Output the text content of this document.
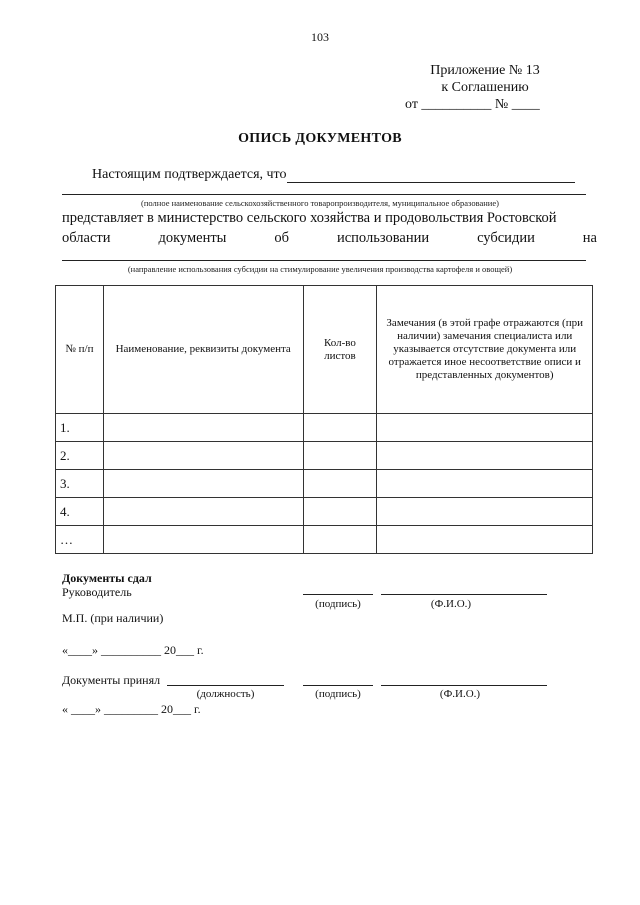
103
Приложение № 13
к Соглашению
от __________ № ____
ОПИСЬ ДОКУМЕНТОВ
Настоящим подтверждается, что
(полное наименование сельскохозяйственного товаропроизводителя, муниципальное образование)
представляет в министерство сельского хозяйства и продовольствия Ростовской
области	документы	об	использовании	субсидии	на
(направление использования субсидии на стимулирование увеличения производства картофеля и овощей)
№ п/п	Наименование, реквизиты документа	Кол-во листов	Замечания (в этой графе отражаются (при наличии) замечания специалиста или указывается отсутствие документа или отражается иное несоответствие описи и представленных документов)
1.			
2.			
3.			
4.			
…			
Документы сдал
Руководитель
(подпись)	(Ф.И.О.)
М.П. (при наличии)
«____» __________ 20___ г.
Документы принял
(должность)	(подпись)	(Ф.И.О.)
« ____» _________ 20___ г.
